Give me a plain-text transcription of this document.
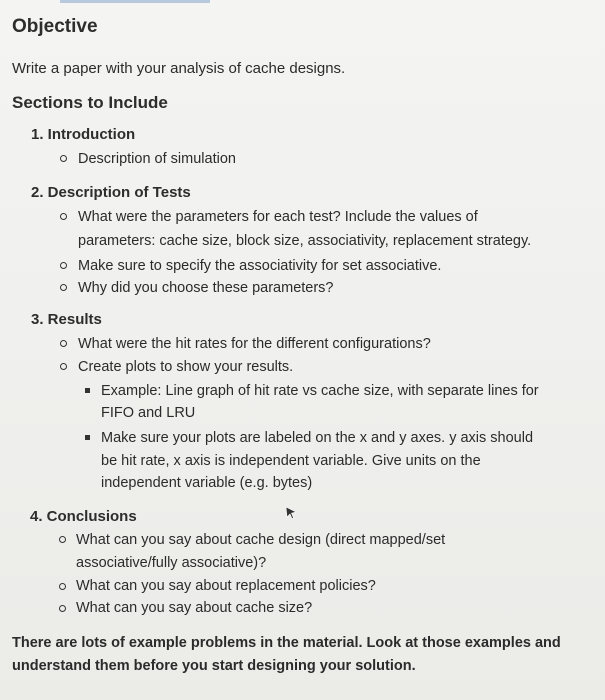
Objective
Write a paper with your analysis of cache designs.
Sections to Include
1. Introduction
Description of simulation
2. Description of Tests
What were the parameters for each test? Include the values of
parameters: cache size, block size, associativity, replacement strategy.
Make sure to specify the associativity for set associative.
Why did you choose these parameters?
3. Results
What were the hit rates for the different configurations?
Create plots to show your results.
Example: Line graph of hit rate vs cache size, with separate lines for
FIFO and LRU
Make sure your plots are labeled on the x and y axes. y axis should
be hit rate, x axis is independent variable. Give units on the
independent variable (e.g. bytes)
4. Conclusions
What can you say about cache design (direct mapped/set
associative/fully associative)?
What can you say about replacement policies?
What can you say about cache size?
There are lots of example problems in the material. Look at those examples and
understand them before you start designing your solution.
